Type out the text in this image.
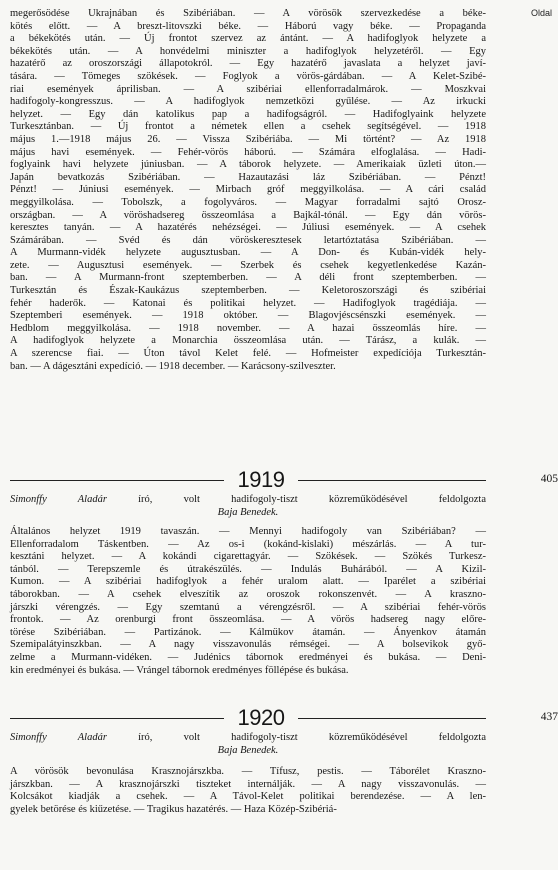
Oldal
megerősödése Ukrajnában és Szibériában. — A vörösök szervezkedése a béke-
kötés előtt. — A breszt-litovszki béke. — Háború vagy béke. — Propaganda
a békekötés után. — Új frontot szervez az ántánt. — A hadifoglyok helyzete a
békekötés után. — A honvédelmi miniszter a hadifoglyok helyzetéről. — Egy
hazatérő az oroszországi állapotokról. — Egy hazatérő javaslata a helyzet javí-
tására. — Tömeges szökések. — Foglyok a vörös-gárdában. — A Kelet-Szibé-
riai események áprilisban. — A szibériai ellenforradalmárok. — Moszkvai
hadifogoly-kongresszus. — A hadifoglyok nemzetközi gyűlése. — Az irkucki
helyzet. — Egy dán katolikus pap a hadifogságról. — Hadifoglyaink helyzete
Turkesztánban. — Új frontot a németek ellen a csehek segítségével. — 1918
május 1.—1918 május 26. — Vissza Szibériába. — Mi történt? — Az 1918
május havi események. — Fehér-vörös háború. — Számára elfoglalása. — Hadi-
foglyaink havi helyzete júniusban. — A táborok helyzete. — Amerikaiak üzleti úton.—
Japán bevatkozás Szibériában. — Hazautazási láz Szibériában. — Pénzt!
Pénzt! — Júniusi események. — Mirbach gróf meggyilkolása. — A cári család
meggyilkolása. — Tobolszk, a fogolyváros. — Magyar forradalmi sajtó Orosz-
országban. — A vöröshadsereg összeomlása a Bajkál-tónál. — Egy dán vörös-
keresztes tanyán. — A hazatérés nehézségei. — Júliusi események. — A csehek
Számárában. — Svéd és dán vöröskeresztesek letartóztatása Szibériában. —
A Murmann-vidék helyzete augusztusban. — A Don- és Kubán-vidék hely-
zete. — Augusztusi események. — Szerbek és csehek kegyetlenkedése Kazán-
ban. — A Murmann-front szeptemberben. — A déli front szeptemberben. —
Turkesztán és Észak-Kaukázus szeptemberben. — Keletoroszországi és szibériai
fehér haderők. — Katonai és politikai helyzet. — Hadifoglyok tragédiája. —
Szeptemberi események. — 1918 október. — Blagovjéscsénszki események. —
Hedblom meggyilkolása. — 1918 november. — A hazai összeomlás híre. —
A hadifoglyok helyzete a Monarchia összeomlása után. — Tárász, a kulák. —
A szerencse fiai. — Úton távol Kelet felé. — Hofmeister expedíciója Turkesztán-
ban. — A dágesztáni expedíció. — 1918 december. — Karácsony-szilveszter.
1919	405
Simonffy Aladár	író, volt hadifogoly-tiszt közreműködésével feldolgozta
Baja Benedek.
Általános helyzet 1919 tavaszán. — Mennyi hadifogoly van Szibériában? —
Ellenforradalom Táskentben. — Az os-i (kokánd-kislaki) mészárlás. — A tur-
kesztáni helyzet. — A kokándi cigarettagyár. — Szökések. — Szökés Turkesz-
tánból. — Terepszemle és útrakészülés. — Indulás Buhárából. — A Kizil-
Kumon. — A szibériai hadifoglyok a fehér uralom alatt. — Iparélet a szibériai
táborokban. — A csehek elveszítik az oroszok rokonszenvét. — A kraszno-
járszki vérengzés. — Egy szemtanú a vérengzésről. — A szibériai fehér-vörös
frontok. — Az orenburgi front összeomlása. — A vörös hadsereg nagy előre-
törése Szibériában. — Partizánok. — Kálmükov átamán. — Ányenkov átamán
Szemipalátyinszkban. — A nagy visszavonulás rémségei. — A bolsevikok győ-
zelme a Murmann-vidéken. — Judénics tábornok eredményei és bukása. — Deni-
kin eredményei és bukása. — Vrángel tábornok eredményes föllépése és bukása.
1920	437
Simonffy Aladár	író, volt hadifogoly-tiszt közreműködésével feldolgozta
Baja Benedek.
A vörösök bevonulása Krasznojárszkba. — Tífusz, pestis. — Táborélet Kraszno-
járszkban. — A krasznojárszki tiszteket internálják. — A nagy visszavonulás. —
Kolcsákot kiadják a csehek. — A Távol-Kelet politikai berendezése. — A len-
gyelek betörése és kiűzetése. — Tragikus hazatérés. — Haza Közép-Szibériá-
